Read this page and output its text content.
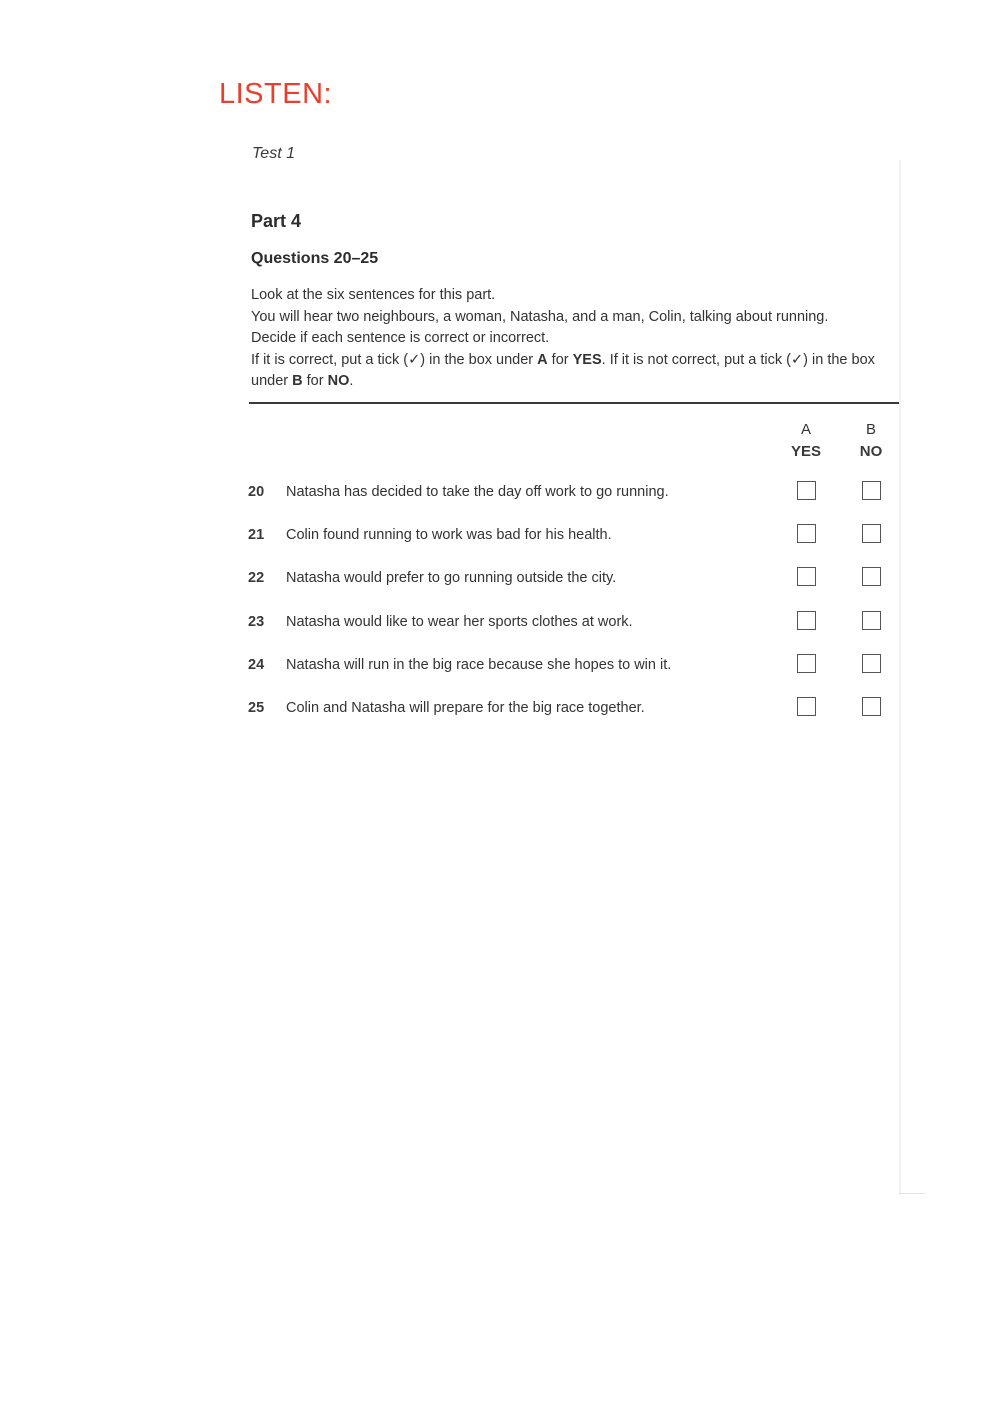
LISTEN:
Test 1
Part 4
Questions 20–25

Look at the six sentences for this part.

You will hear two neighbours, a woman, Natasha, and a man, Colin, talking about running.

Decide if each sentence is correct or incorrect.

If it is correct, put a tick (✓) in the box under A for YES. If it is not correct, put a tick (✓) in the box under B for NO.

A
YES
B
NO
20 Natasha has decided to take the day off work to go running.
21 Colin found running to work was bad for his health.
22 Natasha would prefer to go running outside the city.
23 Natasha would like to wear her sports clothes at work.
24 Natasha will run in the big race because she hopes to win it.
25 Colin and Natasha will prepare for the big race together.
